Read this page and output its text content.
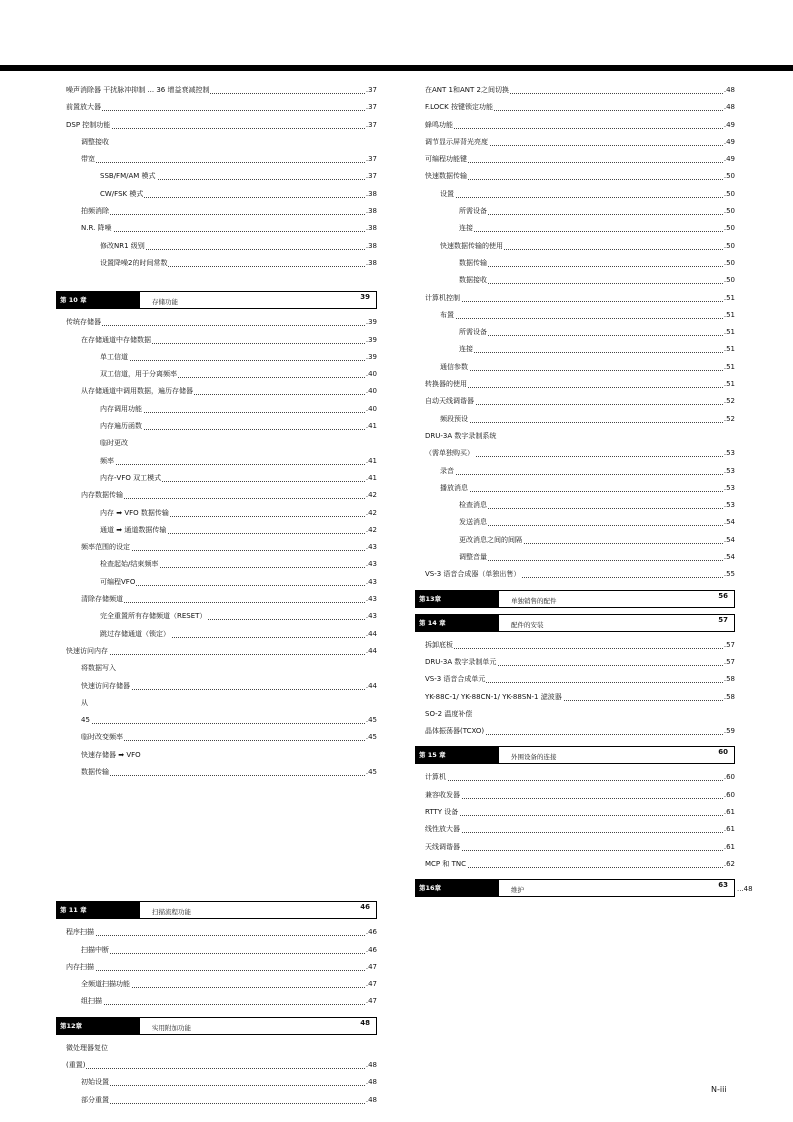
噪声消除器 干扰脉冲抑制 ... 36 增益衰减控制	.37
前置放大器	.37
DSP 控制功能	.37
调整接收
带宽	.37
SSB/FM/AM 模式	.37
CW/FSK 模式	.38
拍频消除	.38
N.R. 降噪	.38
修改NR1 级别	.38
设置降噪2的时间常数	.38
第 10 章	存储功能
39
传统存储器	.39
在存储通道中存储数据	.39
单工信道	.39
双工信道，用于分离频率	.40
从存储通道中调用数据，遍历存储器	.40
内存调用功能	.40
内存遍历函数	.41
临时更改
频率	.41
内存-VFO 双工模式	.41
内存数据传输	.42
内存 ➡ VFO 数据传输	.42
通道 ➡ 通道数据传输	.42
频率范围的设定	.43
检查起始/结束频率	.43
可编程VFO	.43
清除存储频道	.43
完全重置所有存储频道（RESET）	.43
跳过存储通道（锁定）	.44
快速访问内存	.44
将数据写入
快速访问存储器	.44
从
45	.45
临时改变频率	.45
快速存储器 ➡ VFO
数据传输	.45
第 11 章	扫描流程功能
46
程序扫描	.46
扫描中断	.46
内存扫描	.47
全频道扫描功能	.47
组扫描	.47
第12章	实用附加功能
48
微处理器复位
(重置)	.48
初始设置	.48
部分重置	.48
在ANT 1和ANT 2之间切换	.48
F.LOCK 按键锁定功能	.48
蜂鸣功能	.49
调节显示屏背光亮度	.49
可编程功能键	.49
快速数据传输	.50
设置	.50
所需设备	.50
连接	.50
快速数据传输的使用	.50
数据传输	.50
数据接收	.50
计算机控制	.51
布置	.51
所需设备	.51
连接	.51
通信参数	.51
转换器的使用	.51
自动天线调谐器	.52
频段预设	.52
DRU-3A 数字录制系统
（需单独购买）	.53
录音	.53
播放消息	.53
检查消息	.53
发送消息	.54
更改消息之间的间隔	.54
调整音量	.54
VS-3 语音合成器（单独出售）	.55
第13章	单独销售的配件
56
第 14 章	配件的安装
57
拆卸底板	.57
DRU-3A 数字录制单元	.57
VS-3 语音合成单元	.58
YK-88C-1/ YK-88CN-1/ YK-88SN-1 滤波器	.58
SO-2 温度补偿
晶体振荡器(TCXO)	.59
第 15 章	外围设备的连接
60
计算机	.60
兼容收发器	.60
RTTY 设备	.61
线性放大器	.61
天线调谐器	.61
MCP 和 TNC	.62
第16章	维护
63 ...48
N-iii
